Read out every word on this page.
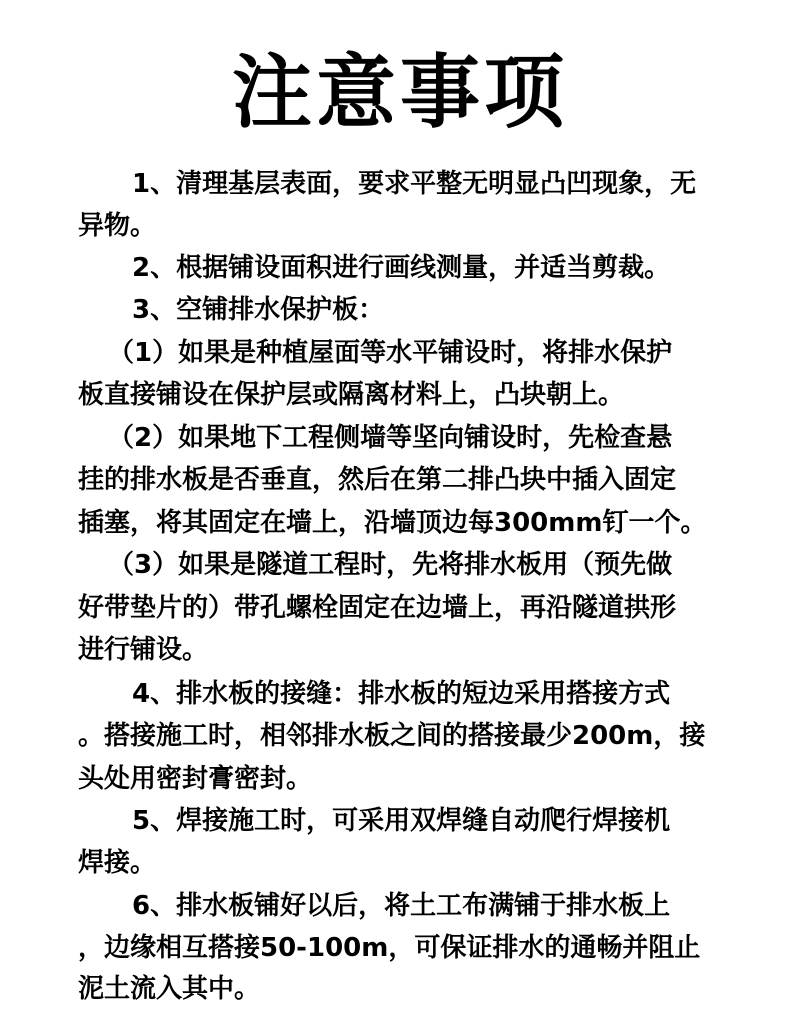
注意事项
1、清理基层表面，要求平整无明显凸凹现象，无
异物。
2、根据铺设面积进行画线测量，并适当剪裁。
3、空铺排水保护板：
（1）如果是种植屋面等水平铺设时，将排水保护
板直接铺设在保护层或隔离材料上，凸块朝上。
（2）如果地下工程侧墙等坚向铺设时，先检查悬
挂的排水板是否垂直，然后在第二排凸块中插入固定
插塞，将其固定在墙上，沿墙顶边每300mm钉一个。
（3）如果是隧道工程时，先将排水板用（预先做
好带垫片的）带孔螺栓固定在边墙上，再沿隧道拱形
进行铺设。
4、排水板的接缝：排水板的短边采用搭接方式
。搭接施工时，相邻排水板之间的搭接最少200m，接
头处用密封膏密封。
5、焊接施工时，可采用双焊缝自动爬行焊接机
焊接。
6、排水板铺好以后，将土工布满铺于排水板上
，边缘相互搭接50-100m，可保证排水的通畅并阻止
泥土流入其中。
